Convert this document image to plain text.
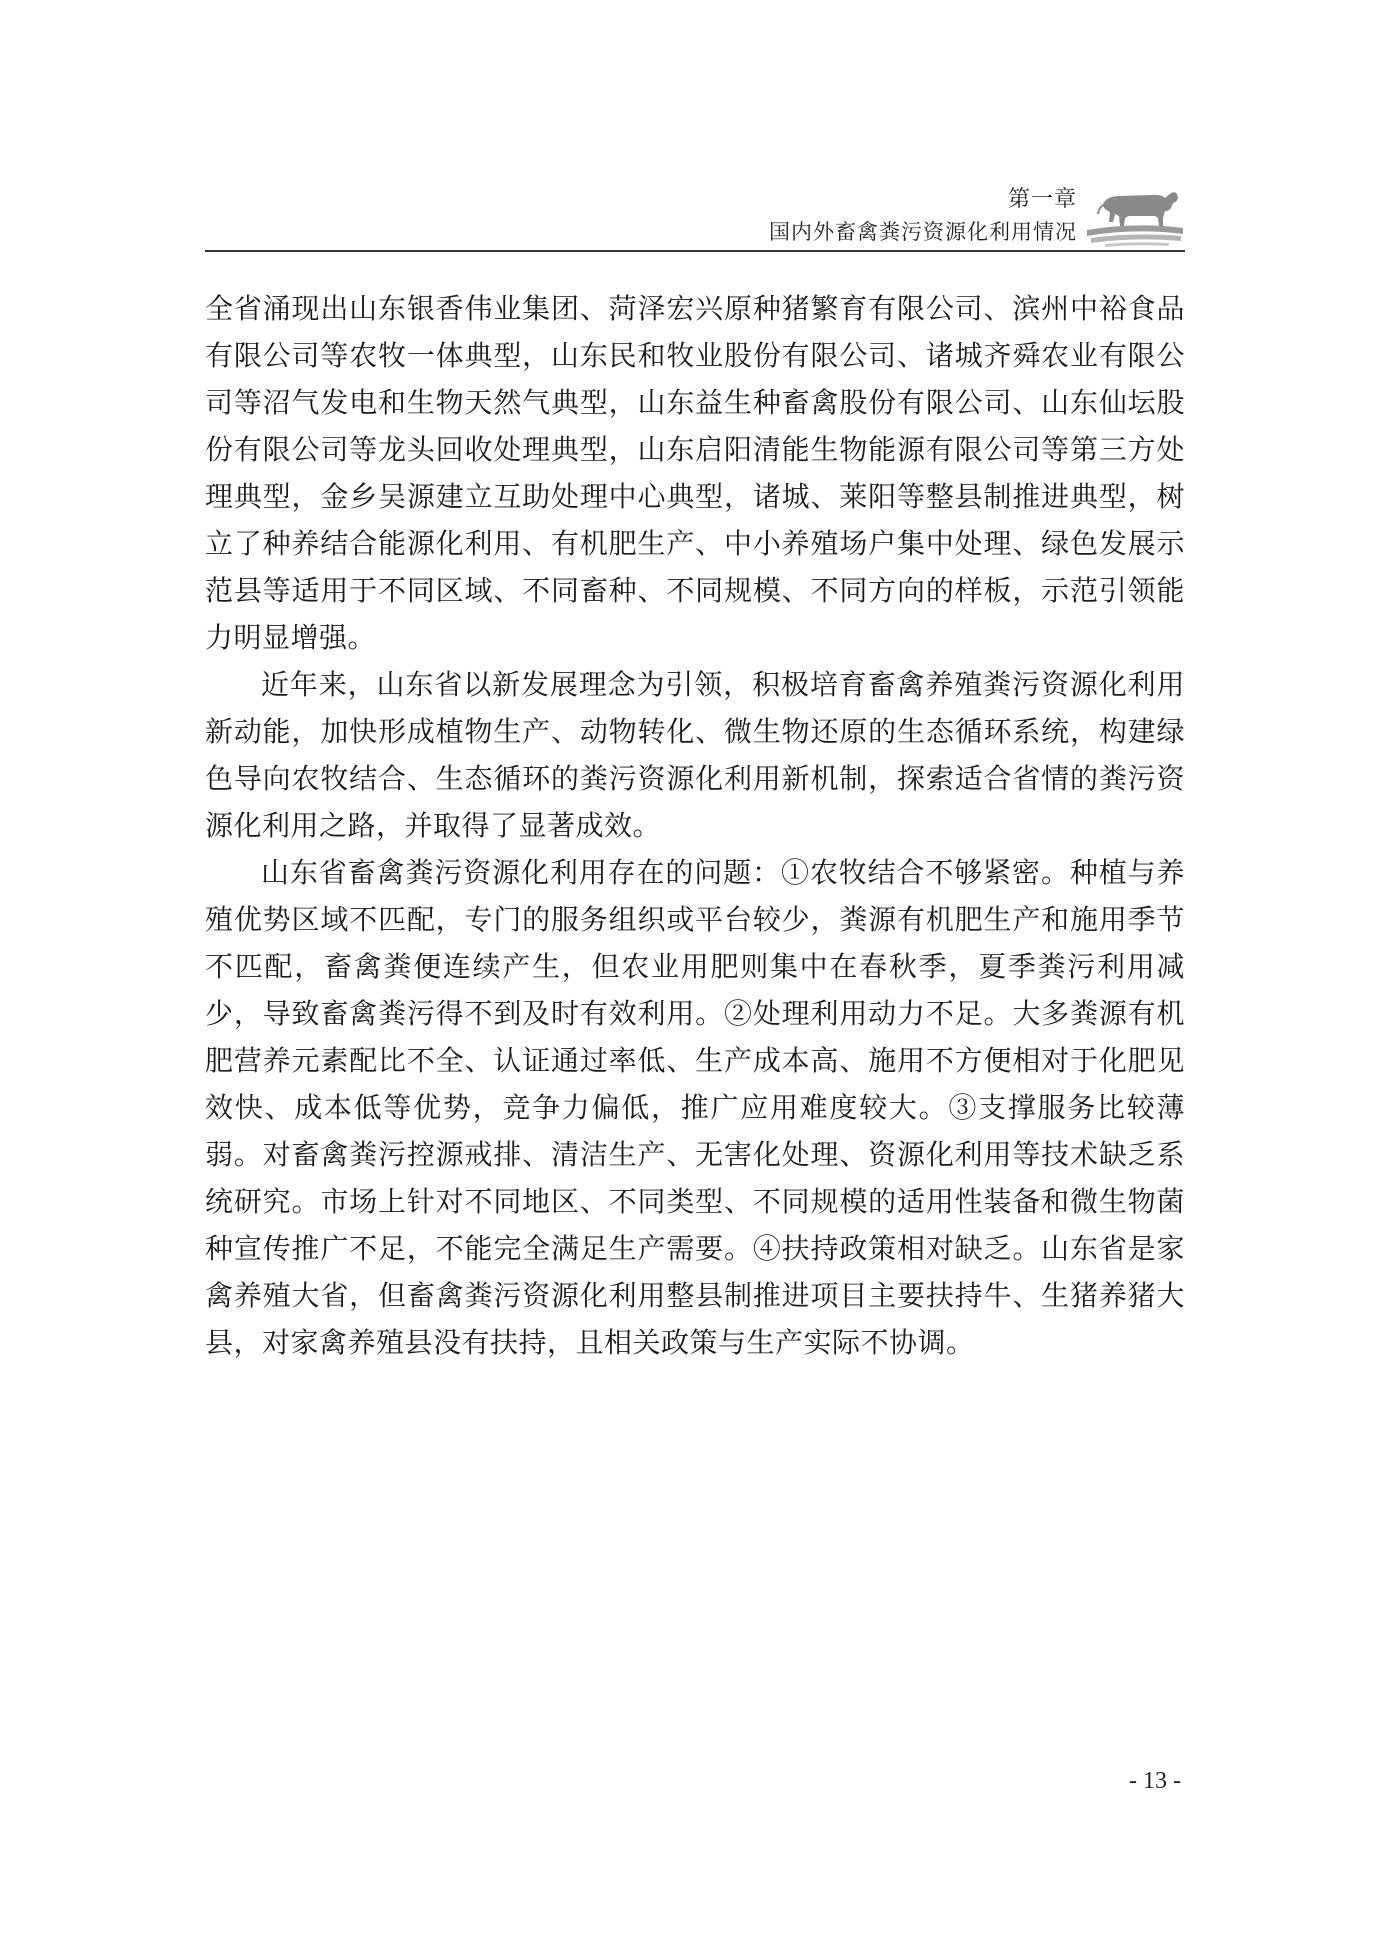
第一章
国内外畜禽粪污资源化利用情况

全省涌现出山东银香伟业集团、菏泽宏兴原种猪繁育有限公司、滨州中裕食品有限公司等农牧一体典型，山东民和牧业股份有限公司、诸城齐舜农业有限公司等沼气发电和生物天然气典型，山东益生种畜禽股份有限公司、山东仙坛股份有限公司等龙头回收处理典型，山东启阳清能生物能源有限公司等第三方处理典型，金乡吴源建立互助处理中心典型，诸城、莱阳等整县制推进典型，树立了种养结合能源化利用、有机肥生产、中小养殖场户集中处理、绿色发展示范县等适用于不同区域、不同畜种、不同规模、不同方向的样板，示范引领能力明显增强。

近年来，山东省以新发展理念为引领，积极培育畜禽养殖粪污资源化利用新动能，加快形成植物生产、动物转化、微生物还原的生态循环系统，构建绿色导向农牧结合、生态循环的粪污资源化利用新机制，探索适合省情的粪污资源化利用之路，并取得了显著成效。

山东省畜禽粪污资源化利用存在的问题：①农牧结合不够紧密。种植与养殖优势区域不匹配，专门的服务组织或平台较少，粪源有机肥生产和施用季节不匹配，畜禽粪便连续产生，但农业用肥则集中在春秋季，夏季粪污利用减少，导致畜禽粪污得不到及时有效利用。②处理利用动力不足。大多粪源有机肥营养元素配比不全、认证通过率低、生产成本高、施用不方便相对于化肥见效快、成本低等优势，竞争力偏低，推广应用难度较大。③支撑服务比较薄弱。对畜禽粪污控源戒排、清洁生产、无害化处理、资源化利用等技术缺乏系统研究。市场上针对不同地区、不同类型、不同规模的适用性装备和微生物菌种宣传推广不足，不能完全满足生产需要。④扶持政策相对缺乏。山东省是家禽养殖大省，但畜禽粪污资源化利用整县制推进项目主要扶持牛、生猪养猪大县，对家禽养殖县没有扶持，且相关政策与生产实际不协调。

- 13 -
